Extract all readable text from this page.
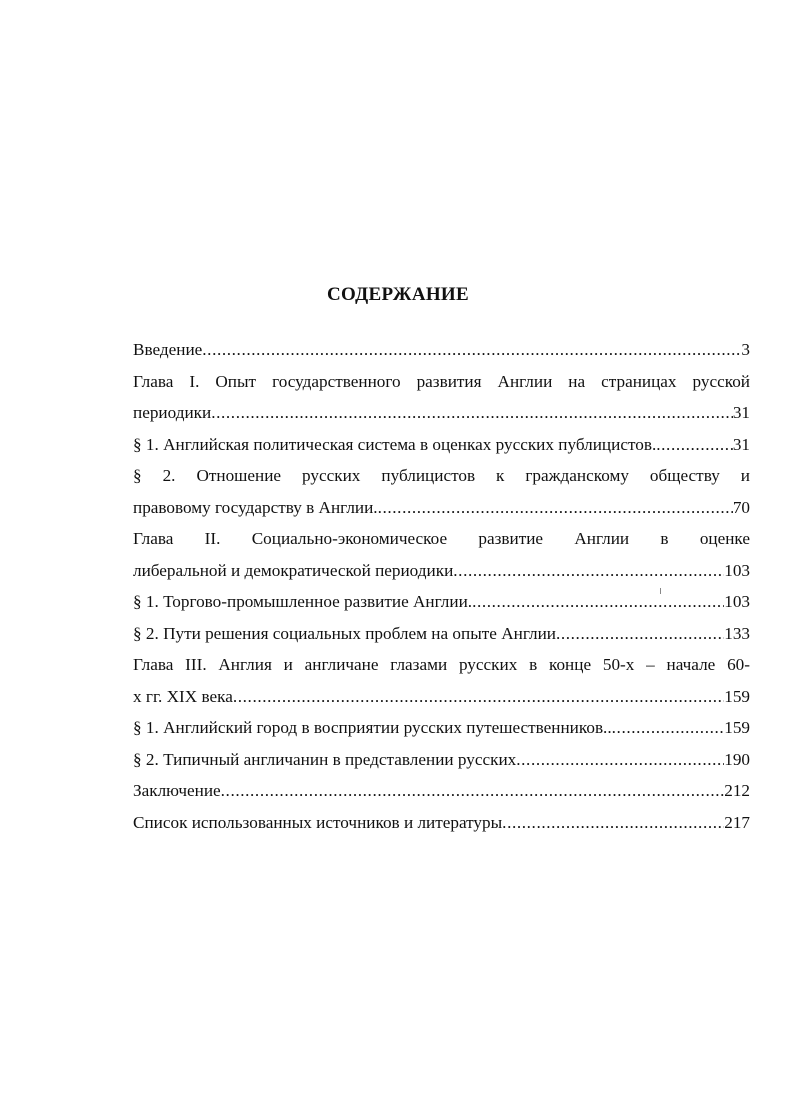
СОДЕРЖАНИЕ
Введение .....	3
Глава I. Опыт государственного развития Англии на страницах русской
периодики .....	31
§ 1. Английская политическая система в оценках русских публицистов. .....	31
§ 2. Отношение русских публицистов к гражданскому обществу и
правовому государству в Англии. .....	70
Глава II. Социально-экономическое развитие Англии в оценке
либеральной и демократической периодики .....	103
§ 1. Торгово-промышленное развитие Англии. .....	103
§ 2. Пути решения социальных проблем на опыте Англии .....	133
Глава III. Англия и англичане глазами русских в конце 50-х – начале 60-
х гг. XIX века .....	159
§ 1. Английский город в восприятии русских путешественников.. .....	159
§ 2. Типичный англичанин в представлении русских .....	190
Заключение .....	212
Список использованных источников и литературы .....	217
